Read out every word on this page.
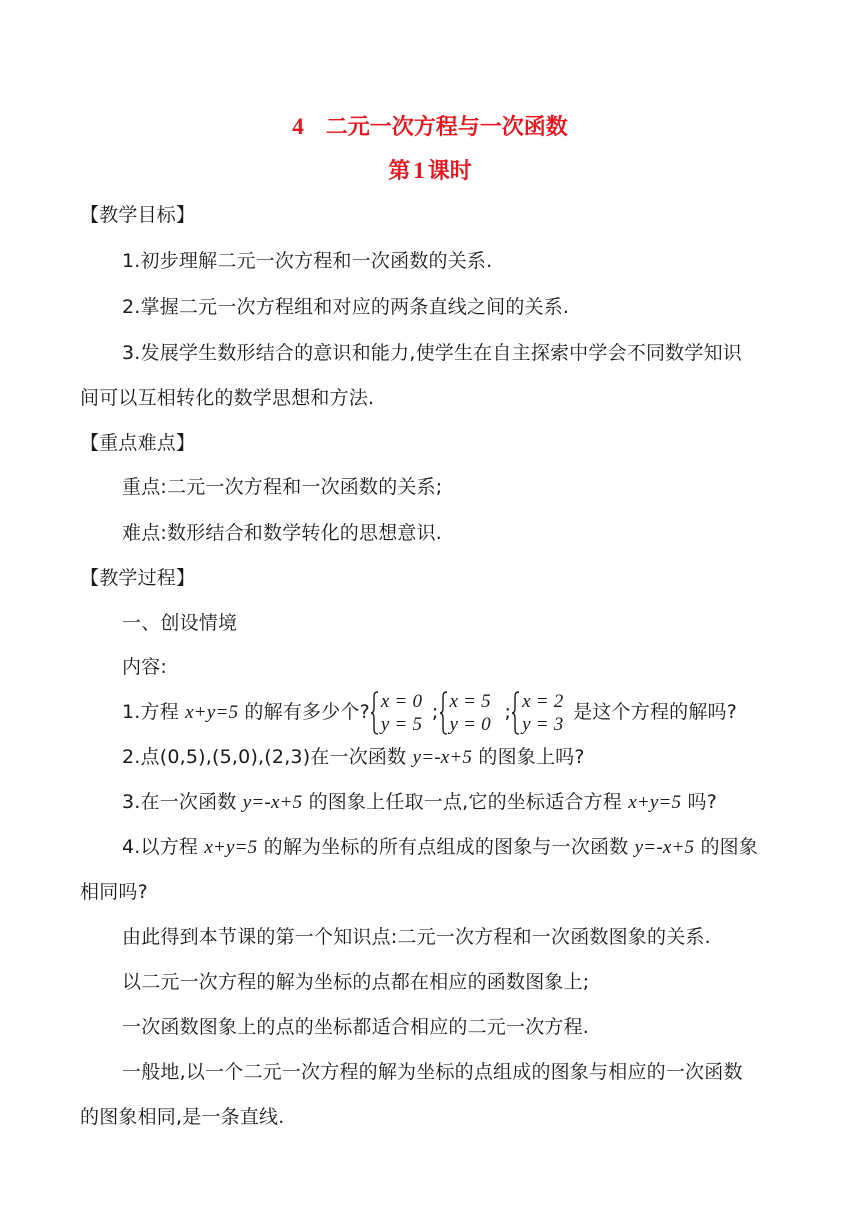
4 二元一次方程与一次函数
第 1 课时
【教学目标】
1.初步理解二元一次方程和一次函数的关系.
2.掌握二元一次方程组和对应的两条直线之间的关系.
3.发展学生数形结合的意识和能力,使学生在自主探索中学会不同数学知识
间可以互相转化的数学思想和方法.
【重点难点】
重点:二元一次方程和一次函数的关系;
难点:数形结合和数学转化的思想意识.
【教学过程】
一、创设情境
内容:
1.方程 x+y=5 的解有多少个? x = 0
y = 5
; x = 5
y = 0
; x = 2
y = 3
是这个方程的解吗?
2.点(0,5),(5,0),(2,3)在一次函数 y=-x+5 的图象上吗?
3.在一次函数 y=-x+5 的图象上任取一点,它的坐标适合方程 x+y=5 吗?
4.以方程 x+y=5 的解为坐标的所有点组成的图象与一次函数 y=-x+5 的图象
相同吗?
由此得到本节课的第一个知识点:二元一次方程和一次函数图象的关系.
以二元一次方程的解为坐标的点都在相应的函数图象上;
一次函数图象上的点的坐标都适合相应的二元一次方程.
一般地,以一个二元一次方程的解为坐标的点组成的图象与相应的一次函数
的图象相同,是一条直线.
